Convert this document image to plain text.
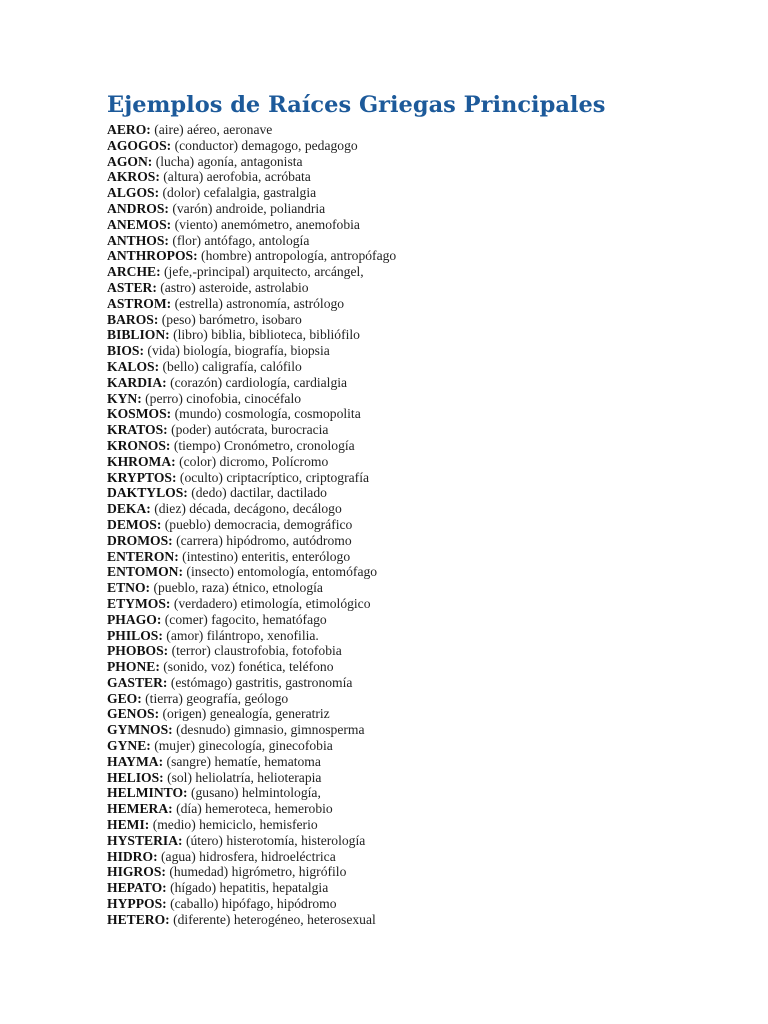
Ejemplos de Raíces Griegas Principales
AERO: (aire) aéreo, aeronave
AGOGOS: (conductor) demagogo, pedagogo
AGON: (lucha) agonía, antagonista
AKROS: (altura) aerofobia, acróbata
ALGOS: (dolor) cefalalgia, gastralgia
ANDROS: (varón) androide, poliandria
ANEMOS: (viento) anemómetro, anemofobia
ANTHOS: (flor) antófago, antología
ANTHROPOS: (hombre) antropología, antropófago
ARCHE: (jefe,-principal) arquitecto, arcángel,
ASTER: (astro) asteroide, astrolabio
ASTROM: (estrella) astronomía, astrólogo
BAROS: (peso) barómetro, isobaro
BIBLION: (libro) biblia, biblioteca, bibliófilo
BIOS: (vida) biología, biografía, biopsia
KALOS: (bello) caligrafía, calófilo
KARDIA: (corazón) cardiología, cardialgia
KYN: (perro) cinofobia, cinocéfalo
KOSMOS: (mundo) cosmología, cosmopolita
KRATOS: (poder) autócrata, burocracia
KRONOS: (tiempo) Cronómetro, cronología
KHROMA: (color) dicromo, Polícromo
KRYPTOS: (oculto) criptacríptico, criptografía
DAKTYLOS: (dedo) dactilar, dactilado
DEKA: (diez) década, decágono, decálogo
DEMOS: (pueblo) democracia, demográfico
DROMOS: (carrera) hipódromo, autódromo
ENTERON: (intestino) enteritis, enterólogo
ENTOMON: (insecto) entomología, entomófago
ETNO: (pueblo, raza) étnico, etnología
ETYMOS: (verdadero) etimología, etimológico
PHAGO: (comer) fagocito, hematófago
PHILOS: (amor) filántropo, xenofilia.
PHOBOS: (terror) claustrofobia, fotofobia
PHONE: (sonido, voz) fonética, teléfono
GASTER: (estómago) gastritis, gastronomía
GEO: (tierra) geografía, geólogo
GENOS: (origen) genealogía, generatriz
GYMNOS: (desnudo) gimnasio, gimnosperma
GYNE: (mujer) ginecología, ginecofobia
HAYMA: (sangre) hematíe, hematoma
HELIOS: (sol) heliolatría, helioterapia
HELMINTO: (gusano) helmintología,
HEMERA: (día) hemeroteca, hemerobio
HEMI: (medio) hemiciclo, hemisferio
HYSTERIA: (útero) histerotomía, histerología
HIDRO: (agua) hidrosfera, hidroeléctrica
HIGROS: (humedad) higrómetro, higrófilo
HEPATO: (hígado) hepatitis, hepatalgia
HYPPOS: (caballo) hipófago, hipódromo
HETERO: (diferente) heterogéneo, heterosexual
